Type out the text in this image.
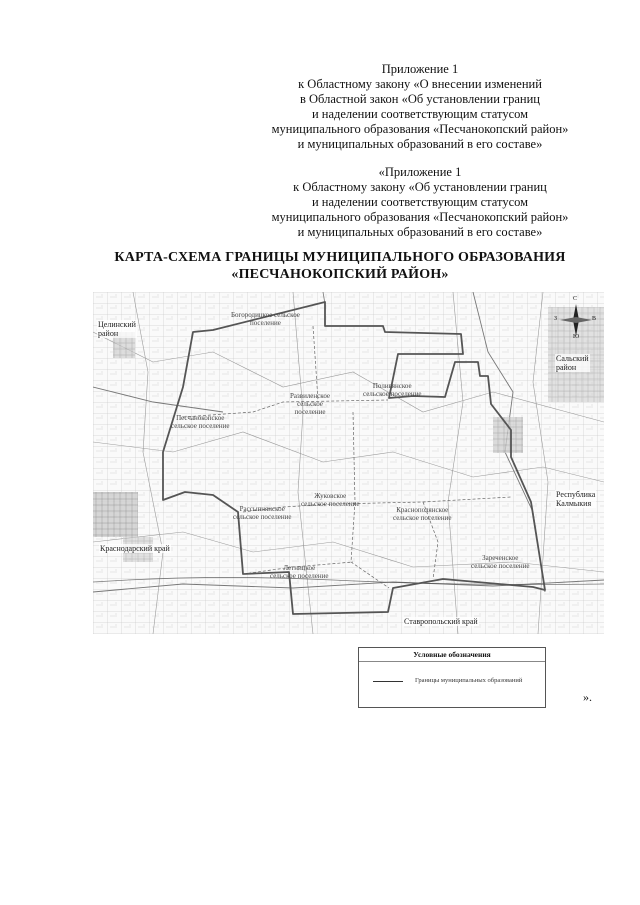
Приложение 1
к Областному закону «О внесении изменений
в Областной закон «Об установлении границ
и наделении соответствующим статусом
муниципального образования «Песчанокопский район»
и муниципальных образований в его составе»
«Приложение 1
к Областному закону «Об установлении границ
и наделении соответствующим статусом
муниципального образования «Песчанокопский район»
и муниципальных образований в его составе»
КАРТА-СХЕМА ГРАНИЦЫ МУНИЦИПАЛЬНОГО ОБРАЗОВАНИЯ
«ПЕСЧАНОКОПСКИЙ РАЙОН»
С
Ю
З	В
Богородицкое сельское
поселение
Развиленское
сельское
поселение
Поливянское
сельское поселение
Песчанокопское
сельское поселение
Жуковское
сельское поселение
Рассыпнянское
сельское поселение
Краснополянское
сельское поселение
Летницкое
сельское поселение
Зареченское
сельское поселение
Целинский
район
Сальский
район
Республика
Калмыкия
Краснодарский край
Ставропольский край
Условные обозначения
Границы муниципальных образований
».
